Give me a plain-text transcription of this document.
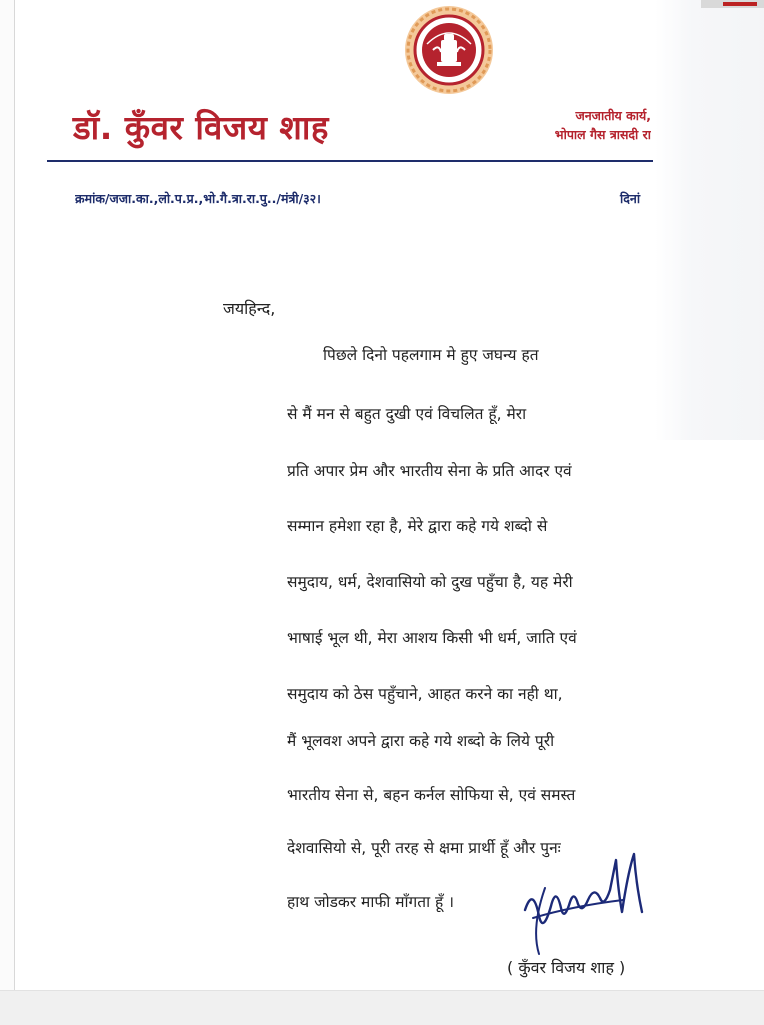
डॉ. कुँवर विजय शाह	जनजातीय कार्य,
भोपाल गैस त्रासदी रा
क्रमांक/जजा.का.,लो.प.प्र.,भो.गै.त्रा.रा.पु../मंत्री/३२।	दिनां
जयहिन्द,
पिछले दिनो पहलगाम मे हुए जघन्य हत
से मैं मन से बहुत दुखी एवं विचलित हूँ, मेरा
प्रति अपार प्रेम और भारतीय सेना के प्रति आदर एवं
सम्मान हमेशा रहा है, मेरे द्वारा कहे गये शब्दो से
समुदाय, धर्म, देशवासियो को दुख पहुँचा है, यह मेरी
भाषाई भूल थी, मेरा आशय किसी भी धर्म, जाति एवं
समुदाय को ठेस पहुँचाने, आहत करने का नही था,
मैं भूलवश अपने द्वारा कहे गये शब्दो के लिये पूरी
भारतीय सेना से, बहन कर्नल सोफिया से, एवं समस्त
देशवासियो से, पूरी तरह से क्षमा प्रार्थी हूँ और पुनः
हाथ जोडकर माफी माँगता हूँ ।
( कुँवर विजय शाह )
